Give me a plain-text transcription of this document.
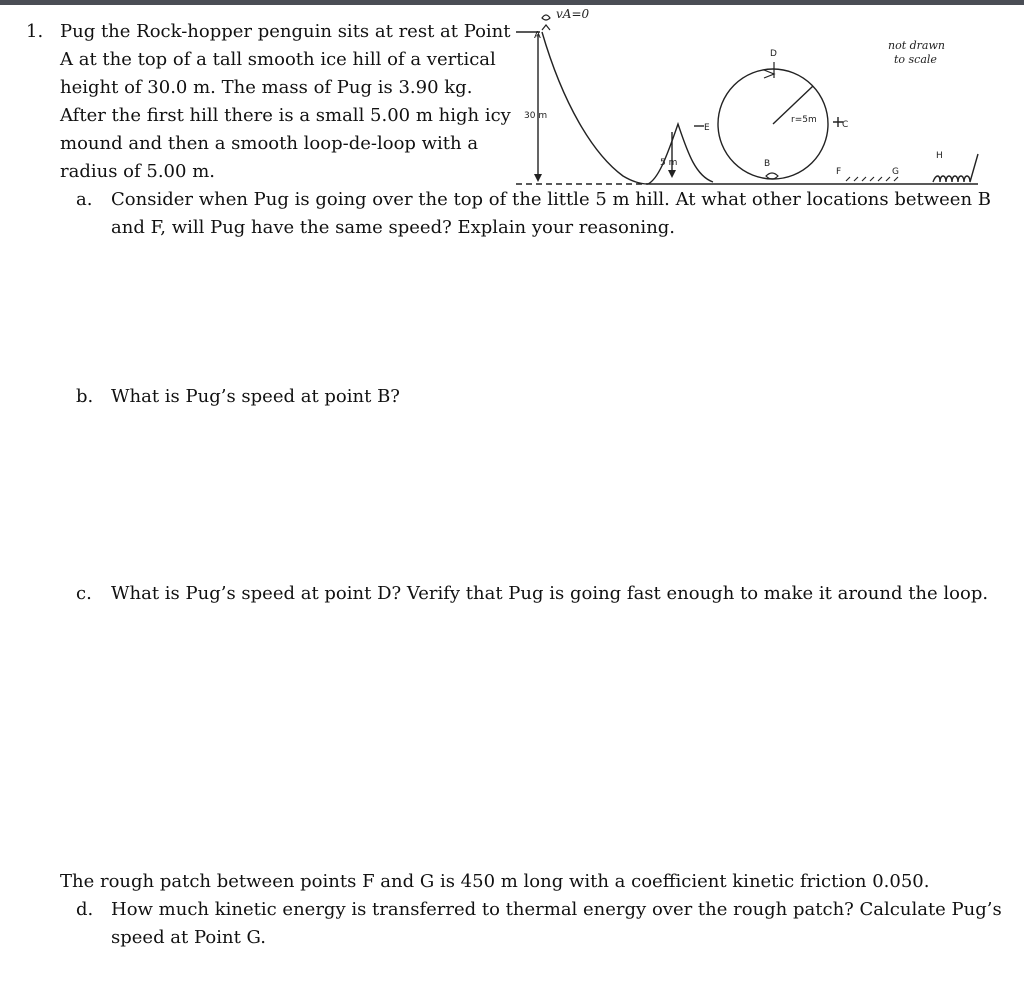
1. Pug the Rock-hopper penguin sits at rest at Point
A at the top of a tall smooth ice hill of a vertical
height of 30.0 m. The mass of Pug is 3.90 kg.
After the first hill there is a small 5.00 m high icy
mound and then a smooth loop-de-loop with a
radius of 5.00 m.
a. Consider when Pug is going over the top of the little 5 m hill. At what other locations between B
and F, will Pug have the same speed? Explain your reasoning.
b. What is Pug’s speed at point B?
c. What is Pug’s speed at point D? Verify that Pug is going fast enough to make it around the loop.
The rough patch between points F and G is 450 m long with a coefficient kinetic friction 0.050.
d. How much kinetic energy is transferred to thermal energy over the rough patch? Calculate Pug’s
speed at Point G.
vA=0
A
30 m
5 m
E
D
r=5m	C
B
F	G
H
not drawn
to scale
